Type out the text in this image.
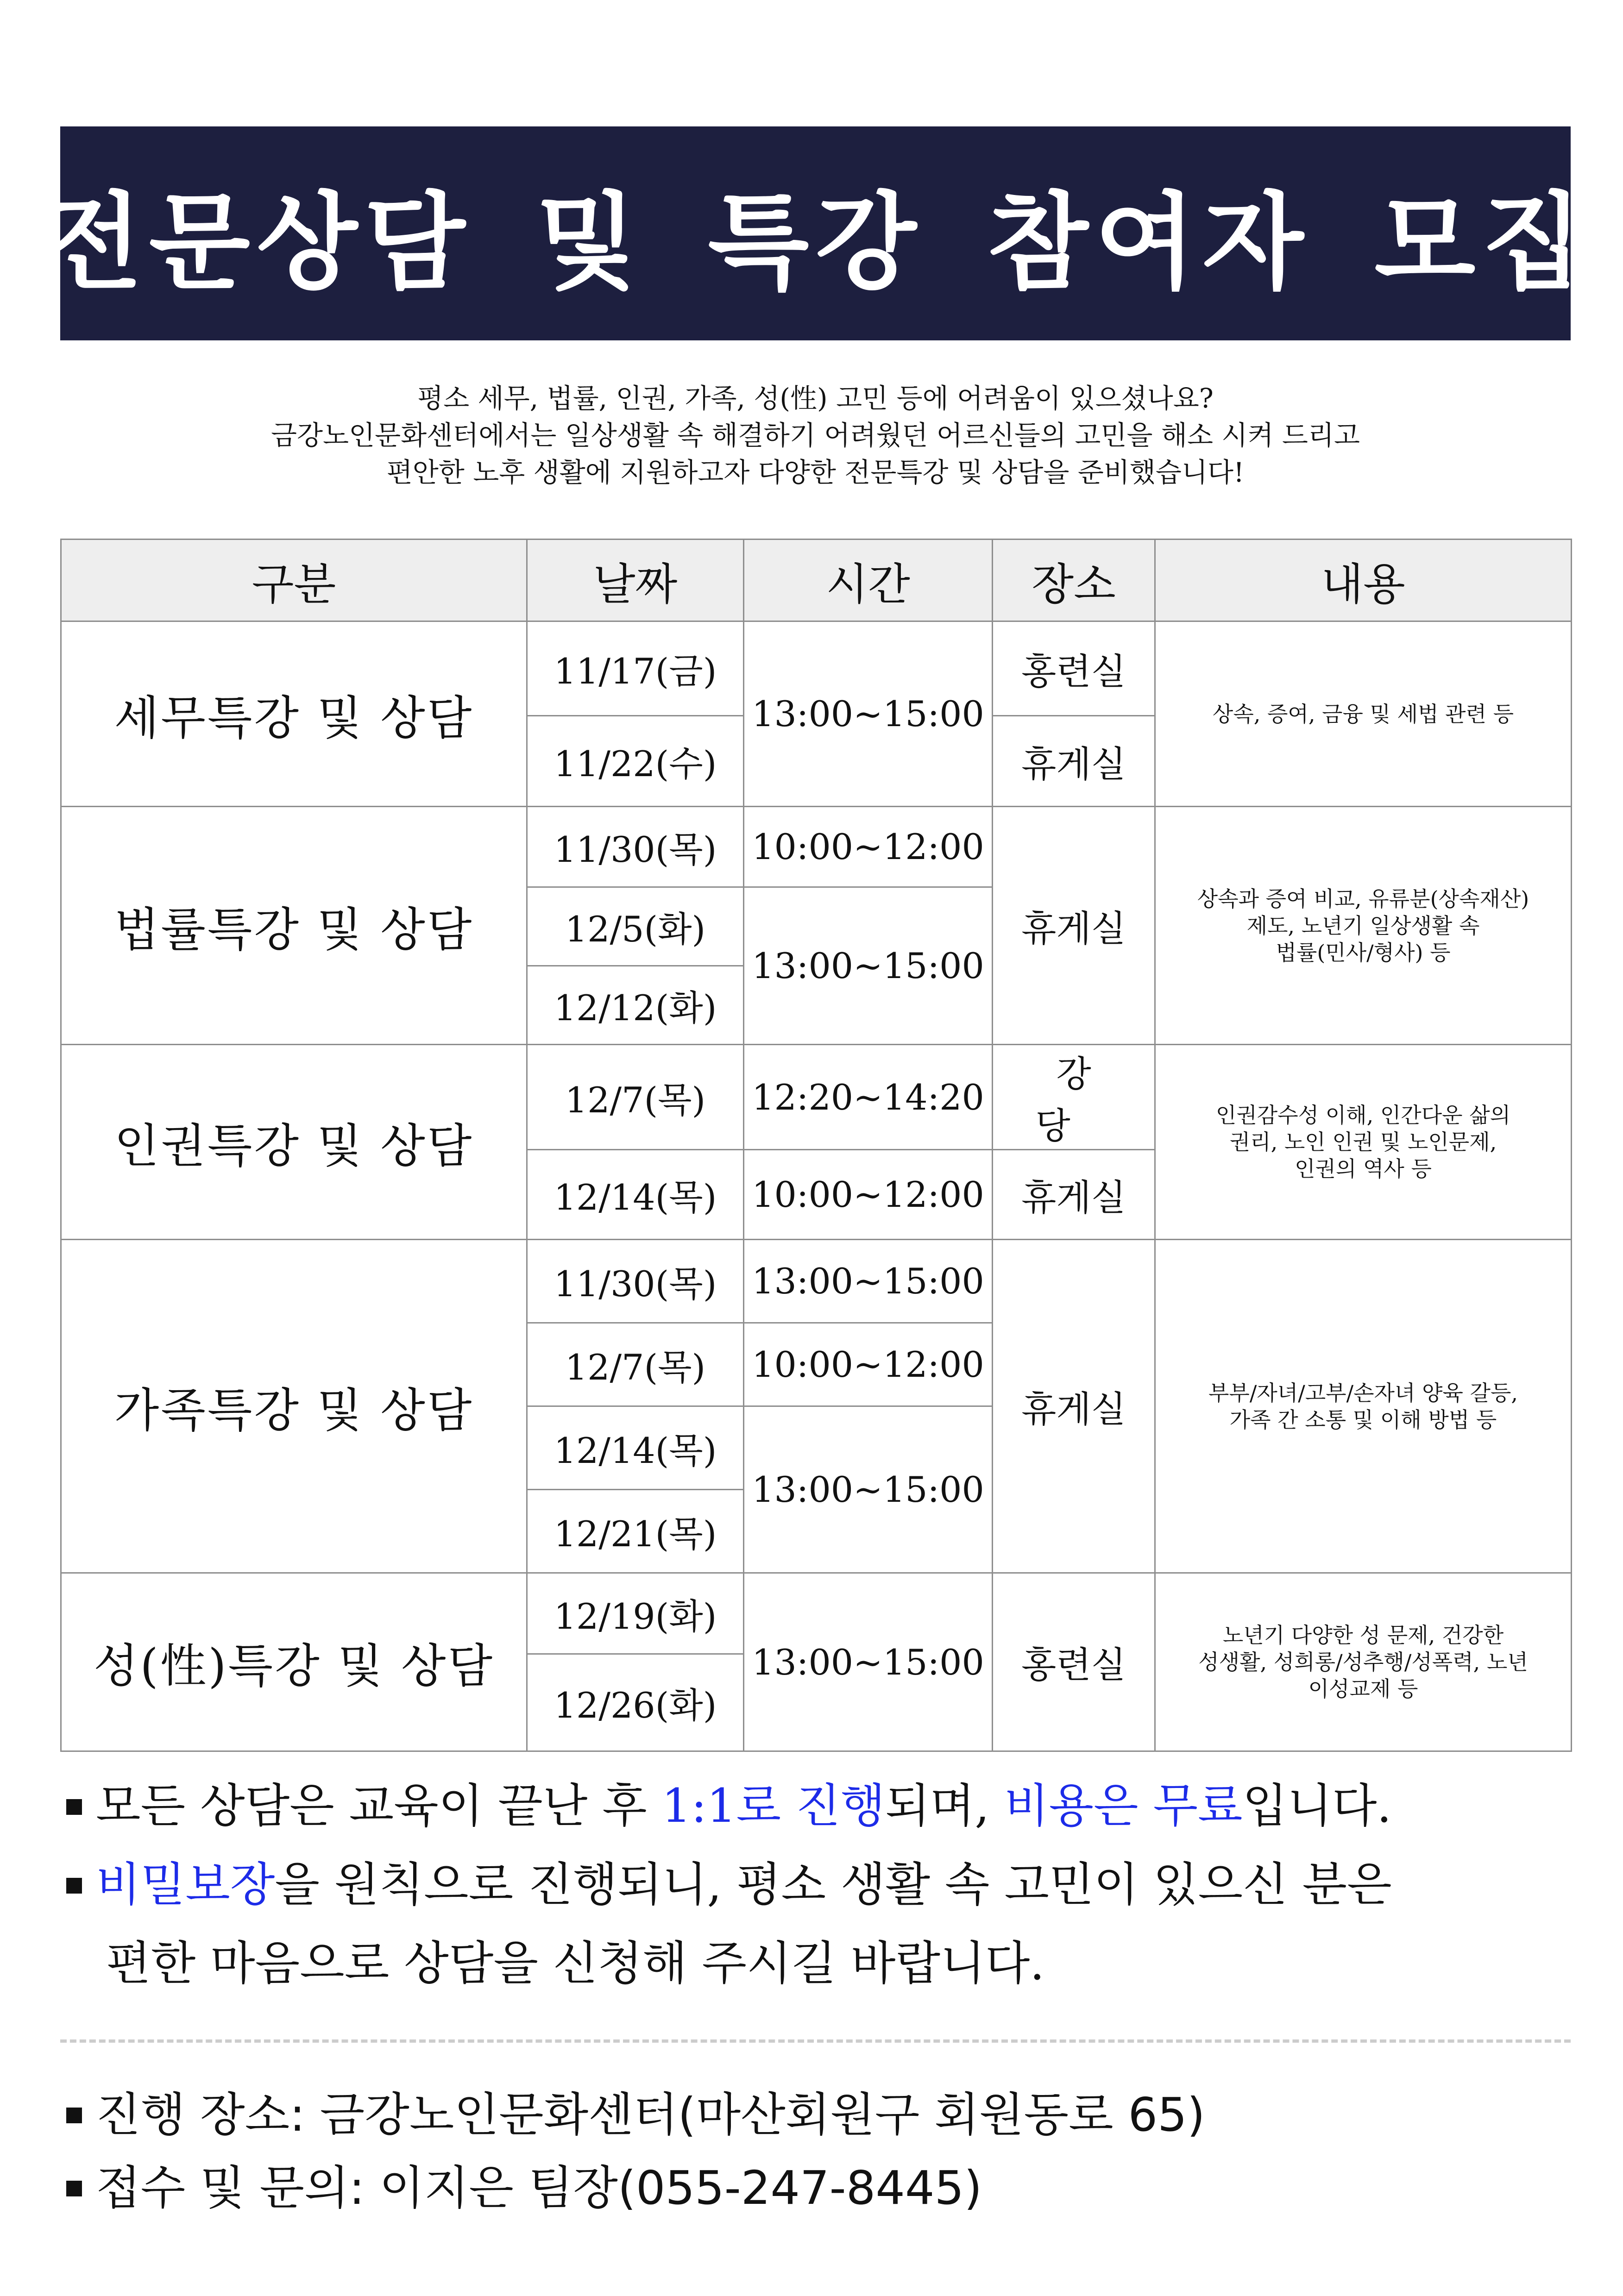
전문상담 및 특강 참여자 모집
평소 세무, 법률, 인권, 가족, 성(性) 고민 등에 어려움이 있으셨나요?
금강노인문화센터에서는 일상생활 속 해결하기 어려웠던 어르신들의 고민을 해소 시켜 드리고
편안한 노후 생활에 지원하고자 다양한 전문특강 및 상담을 준비했습니다!
구분	날짜	시간	장소	내용
세무특강 및 상담	11/17(금)	13:00~15:00	홍련실	상속, 증여, 금융 및 세법 관련 등

	11/22(수)		휴게실	
법률특강 및 상담	11/30(목)	10:00~12:00	휴게실	상속과 증여 비교, 유류분(상속재산)
제도, 노년기 일상생활 속
법률(민사/형사) 등

	12/5(화)	13:00~15:00		
	12/12(화)			
인권특강 및 상담	12/7(목)	12:20~14:20	강당	인권감수성 이해, 인간다운 삶의
권리, 노인 인권 및 노인문제,
인권의 역사 등

	12/14(목)	10:00~12:00	휴게실	
가족특강 및 상담	11/30(목)	13:00~15:00	휴게실	부부/자녀/고부/손자녀 양육 갈등,
가족 간 소통 및 이해 방법 등

	12/7(목)	10:00~12:00		
	12/14(목)	13:00~15:00		
	12/21(목)			
성(性)특강 및 상담	12/19(화)	13:00~15:00	홍련실	노년기 다양한 성 문제, 건강한
성생활, 성희롱/성추행/성폭력, 노년
이성교제 등

	12/26(화)			
모든 상담은 교육이 끝난 후 1:1로 진행되며, 비용은 무료입니다.
비밀보장을 원칙으로 진행되니, 평소 생활 속 고민이 있으신 분은
편한 마음으로 상담을 신청해 주시길 바랍니다.
진행 장소: 금강노인문화센터(마산회원구 회원동로 65)
접수 및 문의: 이지은 팀장(055-247-8445)
